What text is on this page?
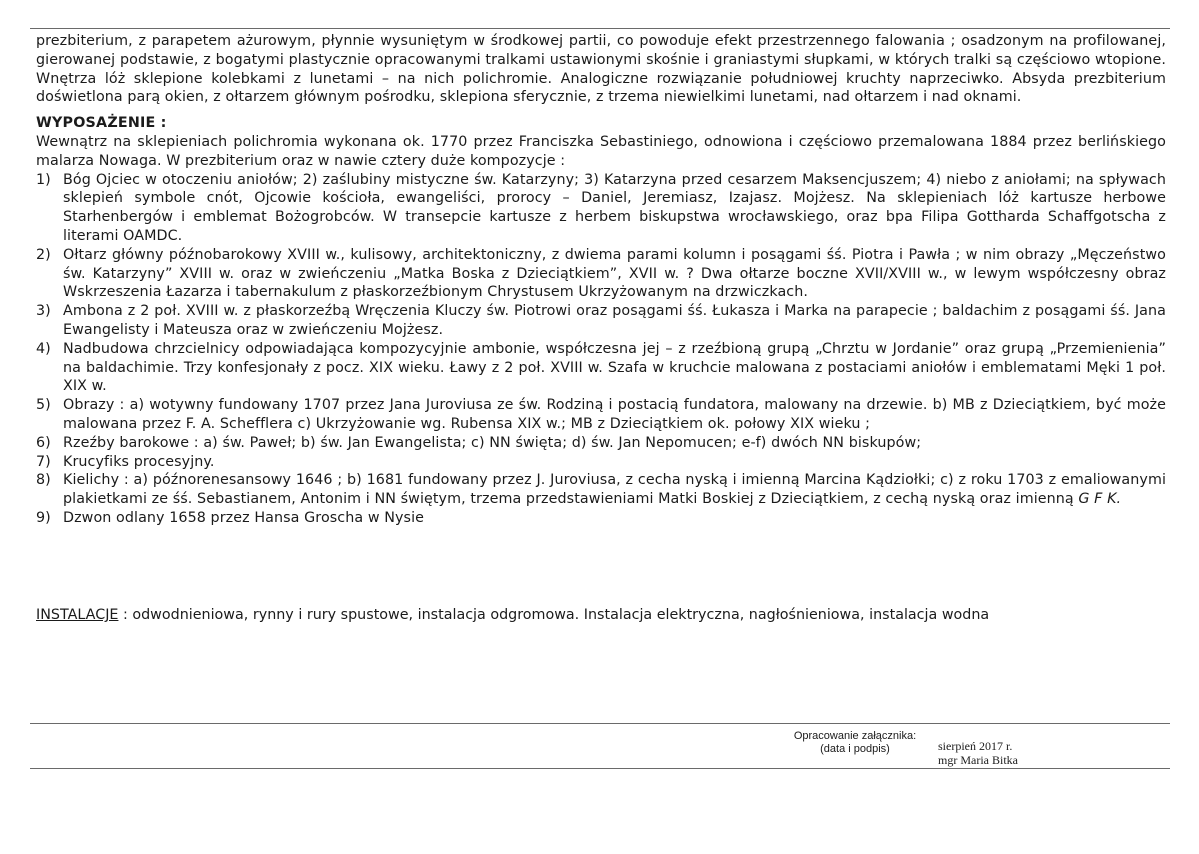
prezbiterium, z parapetem ażurowym, płynnie wysuniętym w środkowej partii, co powoduje efekt przestrzennego falowania ; osadzonym na profilowanej, gierowanej podstawie, z bogatymi plastycznie opracowanymi tralkami ustawionymi skośnie i graniastymi słupkami, w których tralki są częściowo wtopione. Wnętrza lóż sklepione kolebkami z lunetami – na nich polichromie. Analogiczne rozwiązanie południowej kruchty naprzeciwko. Absyda prezbiterium doświetlona parą okien, z ołtarzem głównym pośrodku, sklepiona sferycznie, z trzema niewielkimi lunetami, nad ołtarzem i nad oknami.

WYPOSAŻENIE :

Wewnątrz na sklepieniach polichromia wykonana ok. 1770 przez Franciszka Sebastiniego, odnowiona i częściowo przemalowana 1884 przez berlińskiego malarza Nowaga. W prezbiterium oraz w nawie cztery duże kompozycje :

1) Bóg Ojciec w otoczeniu aniołów; 2) zaślubiny mistyczne św. Katarzyny; 3) Katarzyna przed cesarzem Maksencjuszem; 4) niebo z aniołami; na spływach sklepień symbole cnót, Ojcowie kościoła, ewangeliści, prorocy – Daniel, Jeremiasz, Izajasz. Mojżesz. Na sklepieniach lóż kartusze herbowe Starhenbergów i emblemat Bożogrobców. W transepcie kartusze z herbem biskupstwa wrocławskiego, oraz bpa Filipa Gottharda Schaffgotscha z literami OAMDC.
2) Ołtarz główny późnobarokowy XVIII w., kulisowy, architektoniczny, z dwiema parami kolumn i posągami śś. Piotra i Pawła ; w nim obrazy „Męczeństwo św. Katarzyny” XVIII w. oraz w zwieńczeniu „Matka Boska z Dzieciątkiem”, XVII w. ? Dwa ołtarze boczne XVII/XVIII w., w lewym współczesny obraz Wskrzeszenia Łazarza i tabernakulum z płaskorzeźbionym Chrystusem Ukrzyżowanym na drzwiczkach.
3) Ambona z 2 poł. XVIII w. z płaskorzeźbą Wręczenia Kluczy św. Piotrowi oraz posągami śś. Łukasza i Marka na parapecie ; baldachim z posągami śś. Jana Ewangelisty i Mateusza oraz w zwieńczeniu Mojżesz.
4) Nadbudowa chrzcielnicy odpowiadająca kompozycyjnie ambonie, współczesna jej – z rzeźbioną grupą „Chrztu w Jordanie” oraz grupą „Przemienienia” na baldachimie. Trzy konfesjonały z pocz. XIX wieku. Ławy z 2 poł. XVIII w. Szafa w kruchcie malowana z postaciami aniołów i emblematami Męki 1 poł. XIX w.
5) Obrazy : a) wotywny fundowany 1707 przez Jana Juroviusa ze św. Rodziną i postacią fundatora, malowany na drzewie. b) MB z Dzieciątkiem, być może malowana przez F. A. Schefflera c) Ukrzyżowanie wg. Rubensa XIX w.; MB z Dzieciątkiem ok. połowy XIX wieku ;
6) Rzeźby barokowe : a) św. Paweł; b) św. Jan Ewangelista; c) NN święta; d) św. Jan Nepomucen; e-f) dwóch NN biskupów;
7) Krucyfiks procesyjny.
8) Kielichy : a) późnorenesansowy 1646 ; b) 1681 fundowany przez J. Juroviusa, z cecha nyską i imienną Marcina Kądziołki; c) z roku 1703 z emaliowanymi plakietkami ze śś. Sebastianem, Antonim i NN świętym, trzema przedstawieniami Matki Boskiej z Dzieciątkiem, z cechą nyską oraz imienną G F K.
9) Dzwon odlany 1658 przez Hansa Groscha w Nysie
INSTALACJE : odwodnieniowa, rynny i rury spustowe, instalacja odgromowa. Instalacja elektryczna, nagłośnieniowa, instalacja wodna
Opracowanie załącznika:
(data i podpis)	sierpień 2017 r.
mgr Maria Bitka
